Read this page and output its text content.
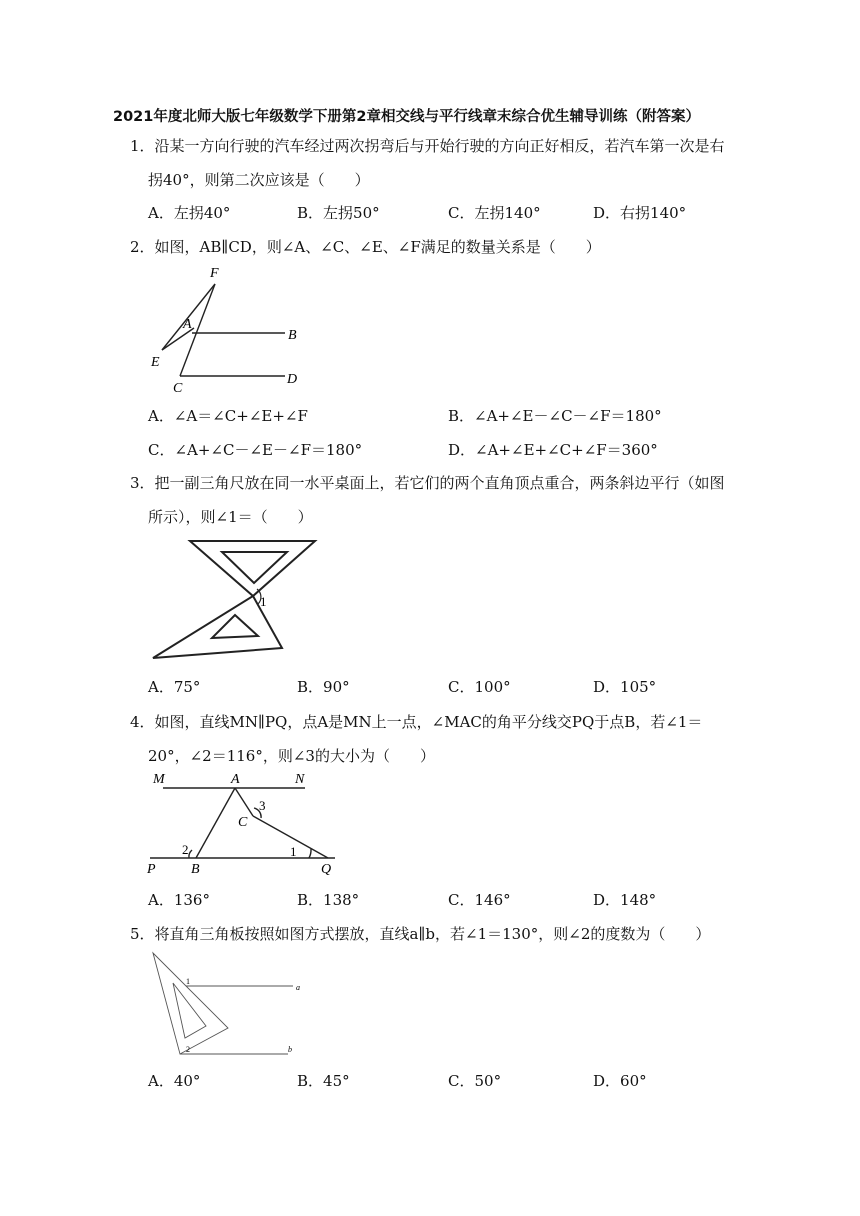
2021年度北师大版七年级数学下册第2章相交线与平行线章末综合优生辅导训练（附答案）
1．沿某一方向行驶的汽车经过两次拐弯后与开始行驶的方向正好相反，若汽车第一次是右
拐40°，则第二次应该是（　　）
A．左拐40°	B．左拐50°	C．左拐140°	D．右拐140°
2．如图，AB∥CD，则∠A、∠C、∠E、∠F满足的数量关系是（　　）
F
A
B
E
C
D
A．∠A＝∠C+∠E+∠F	B．∠A+∠E－∠C－∠F＝180°
C．∠A+∠C－∠E－∠F＝180°	D．∠A+∠E+∠C+∠F＝360°
3．把一副三角尺放在同一水平桌面上，若它们的两个直角顶点重合，两条斜边平行（如图
所示），则∠1＝（　　）
1
A．75°	B．90°	C．100°	D．105°
4．如图，直线MN∥PQ，点A是MN上一点，∠MAC的角平分线交PQ于点B，若∠1＝
20°，∠2＝116°，则∠3的大小为（　　）
M	A	N
3
C
2	1
P	B	Q
A．136°	B．138°	C．146°	D．148°
5．将直角三角板按照如图方式摆放，直线a∥b，若∠1＝130°，则∠2的度数为（　　）
1
a
2	b
A．40°	B．45°	C．50°	D．60°
